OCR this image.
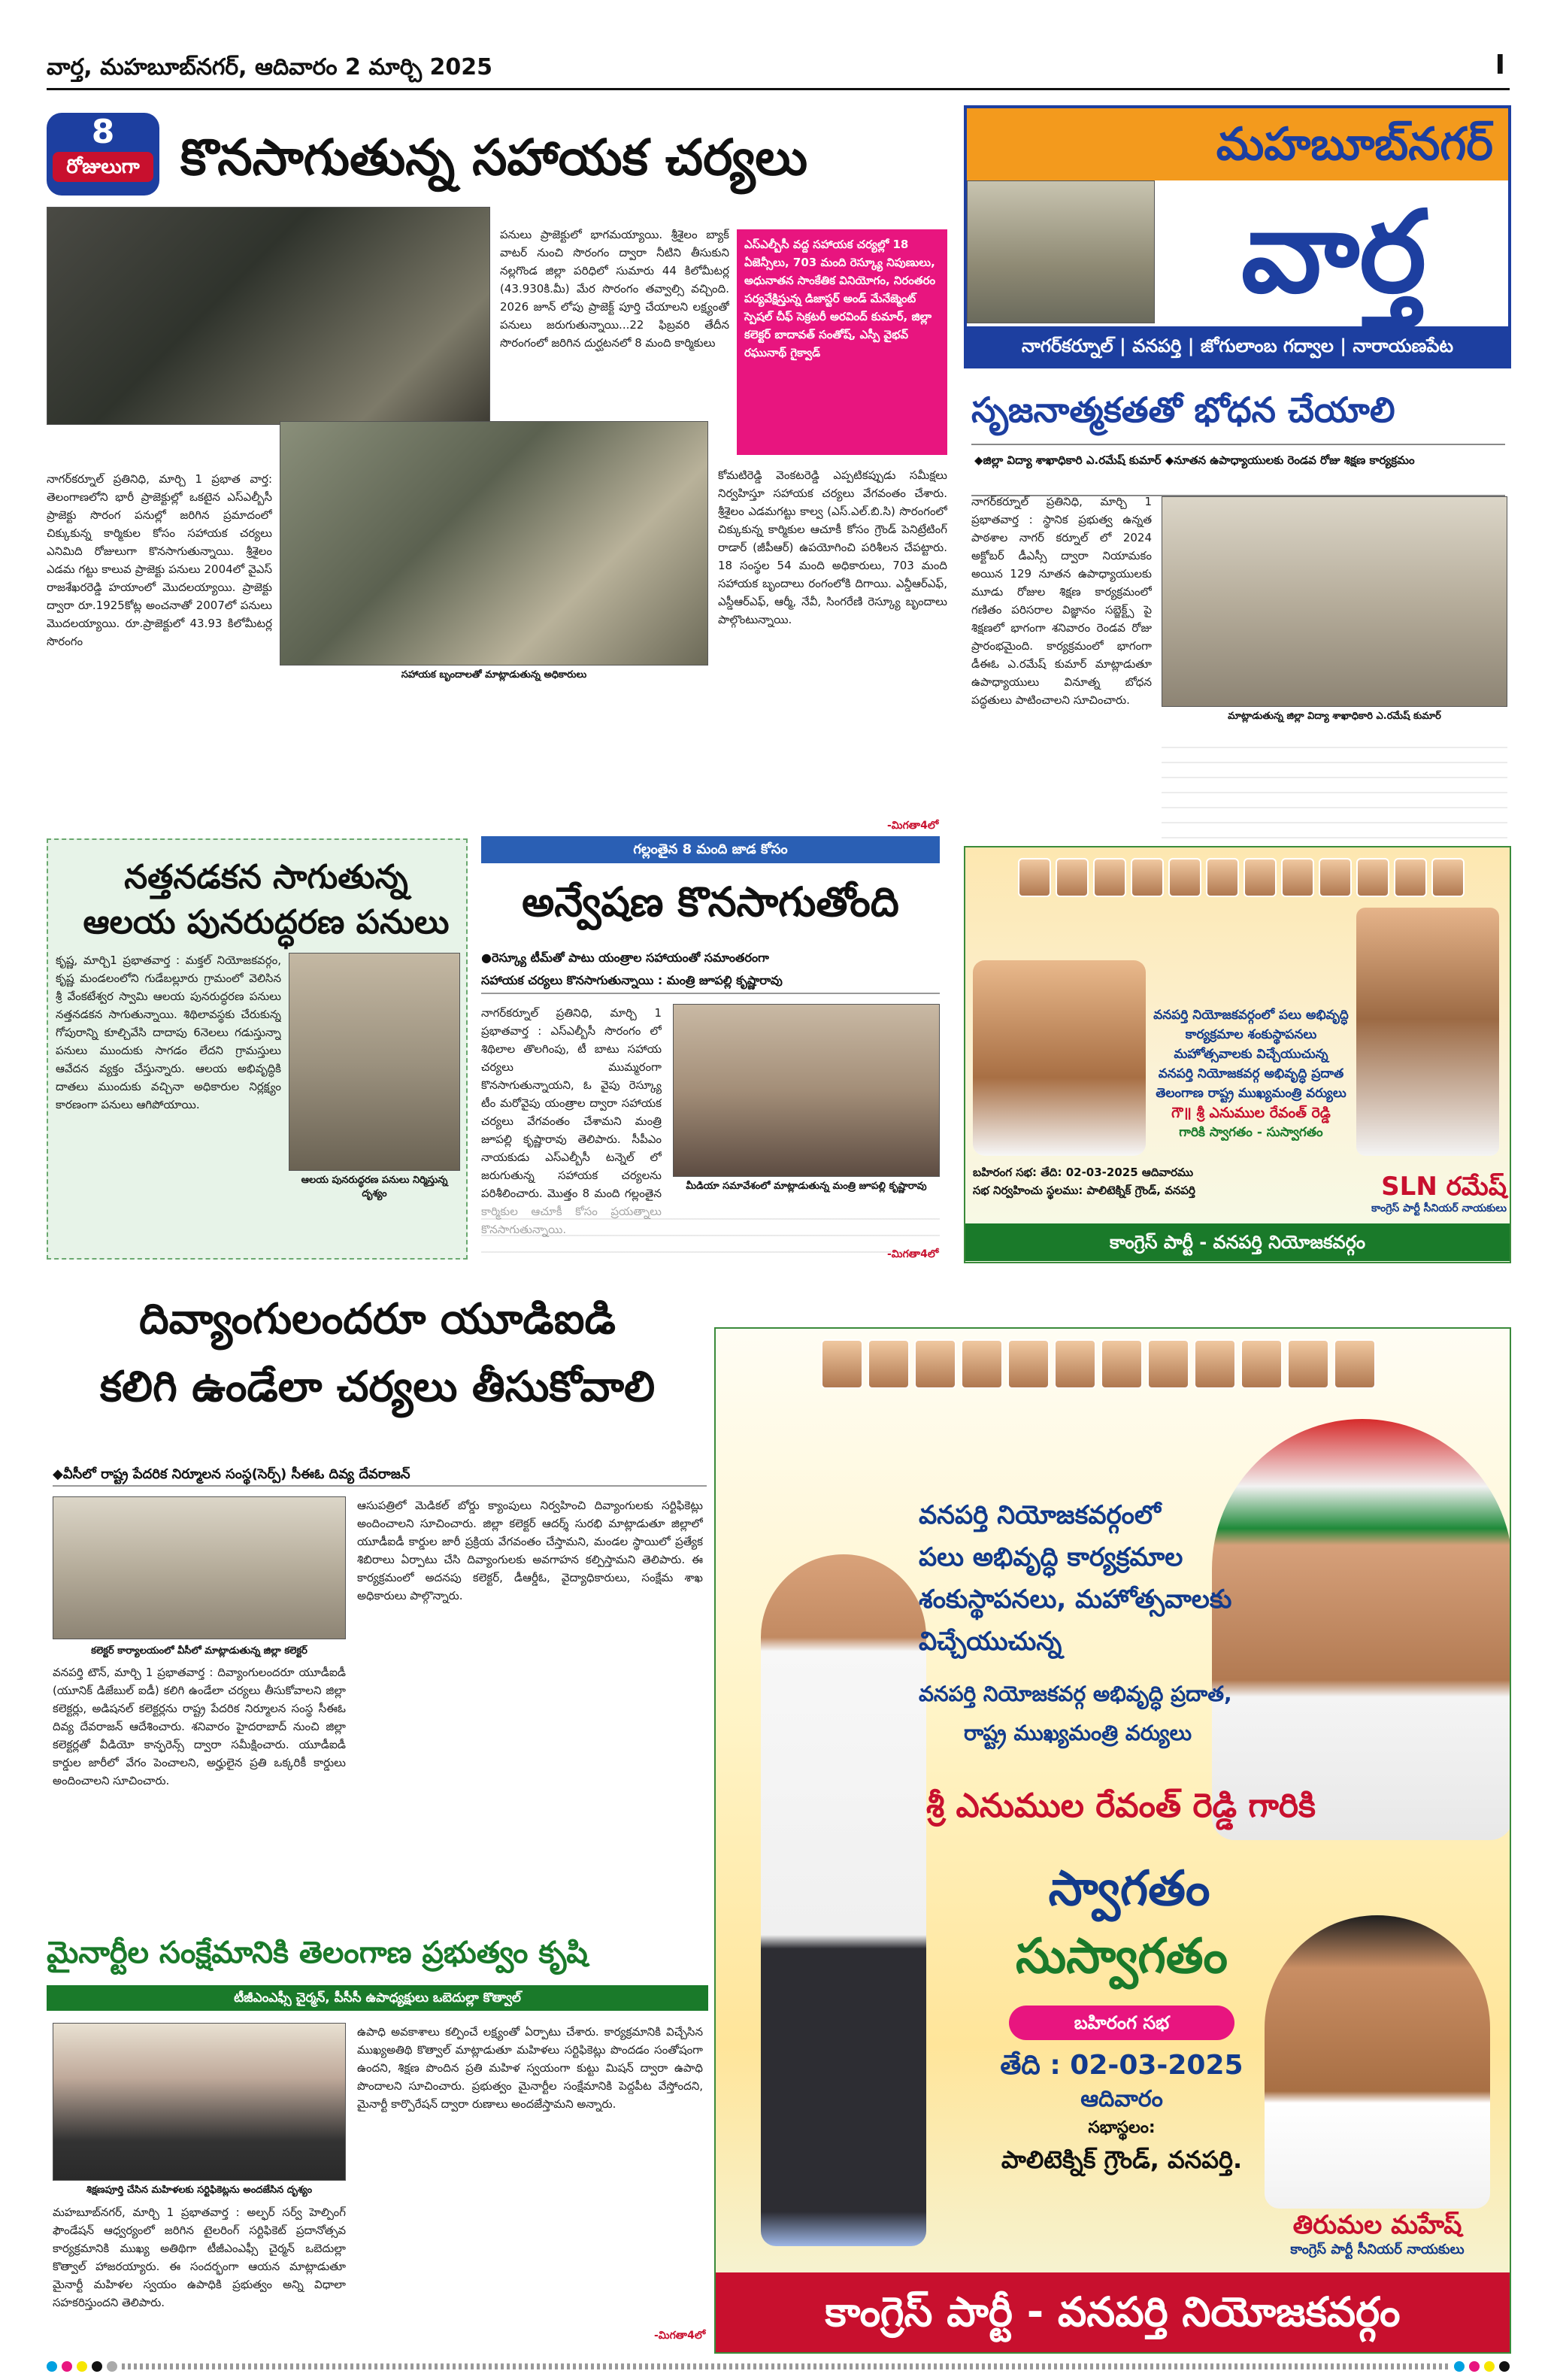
వార్త, మహబూబ్‌నగర్, ఆదివారం 2 మార్చి 2025	I
8
రోజులుగా కొనసాగుతున్న సహాయక చర్యలు
పనులు ప్రాజెక్టులో భాగమయ్యాయి. శ్రీశైలం బ్యాక్ వాటర్ నుంచి సొరంగం ద్వారా నీటిని తీసుకుని నల్లగొండ జిల్లా పరిధిలో సుమారు 44 కిలోమీటర్ల (43.930కి.మీ) మేర సొరంగం తవ్వాల్సి వచ్చింది. 2026 జూన్ లోపు ప్రాజెక్ట్ పూర్తి చేయాలని లక్ష్యంతో పనులు జరుగుతున్నాయి...22 ఫిబ్రవరి తేదీన సొరంగంలో జరిగిన దుర్ఘటనలో 8 మంది కార్మికులు
ఎస్ఎల్బీసీ వద్ద సహాయక చర్యల్లో 18 ఏజెన్సీలు, 703 మంది రెస్క్యూ నిపుణులు, అధునాతన సాంకేతిక వినియోగం, నిరంతరం పర్యవేక్షిస్తున్న డిజాస్టర్ అండ్ మేనేజ్మెంట్ స్పెషల్ చీఫ్ సెక్రటరీ అరవింద్ కుమార్, జిల్లా కలెక్టర్ బాదావత్ సంతోష్, ఎస్పీ వైభవ్ రఘునాథ్ గైక్వాడ్
నాగర్‌కర్నూల్ ప్రతినిధి, మార్చి 1 ప్రభాత వార్త: తెలంగాణలోని భారీ ప్రాజెక్టుల్లో ఒకటైన ఎస్ఎల్బీసీ ప్రాజెక్టు సొరంగ పనుల్లో జరిగిన ప్రమాదంలో చిక్కుకున్న కార్మికుల కోసం సహాయక చర్యలు ఎనిమిది రోజులుగా కొనసాగుతున్నాయి. శ్రీశైలం ఎడమ గట్టు కాలువ ప్రాజెక్టు పనులు 2004లో వైఎస్ రాజశేఖరరెడ్డి హయాంలో మొదలయ్యాయి. ప్రాజెక్టు ద్వారా రూ.1925కోట్ల అంచనాతో 2007లో పనులు మొదలయ్యాయి. రూ.ప్రాజెక్టులో 43.93 కిలోమీటర్ల సొరంగం
సహాయక బృందాలతో మాట్లాడుతున్న అధికారులు
కోమటిరెడ్డి వెంకటరెడ్డి ఎప్పటికప్పుడు సమీక్షలు నిర్వహిస్తూ సహాయక చర్యలు వేగవంతం చేశారు. శ్రీశైలం ఎడమగట్టు కాల్వ (ఎస్.ఎల్.బి.సి) సొరంగంలో చిక్కుకున్న కార్మికుల ఆచూకీ కోసం గ్రౌండ్ పెనిట్రేటింగ్ రాడార్ (జీపీఆర్) ఉపయోగించి పరిశీలన చేపట్టారు. 18 సంస్థల 54 మంది అధికారులు, 703 మంది సహాయక బృందాలు రంగంలోకి దిగాయి. ఎన్డీఆర్ఎఫ్, ఎస్డీఆర్ఎఫ్, ఆర్మీ, నేవీ, సింగరేణి రెస్క్యూ బృందాలు పాల్గొంటున్నాయి.
-మిగతా4లో
మహబూబ్‌నగర్
వార్త
నాగర్‌కర్నూల్ | వనపర్తి | జోగులాంబ గద్వాల | నారాయణపేట
సృజనాత్మకతతో భోధన చేయాలి
◆జిల్లా విద్యా శాఖాధికారి ఎ.రమేష్ కుమార్ ◆నూతన ఉపాధ్యాయులకు రెండవ రోజు శిక్షణ కార్యక్రమం
నాగర్‌కర్నూల్ ప్రతినిధి, మార్చి 1 ప్రభాతవార్త : స్థానిక ప్రభుత్వ ఉన్నత పాఠశాల నాగర్ కర్నూల్ లో 2024 అక్టోబర్ డీఎస్సీ ద్వారా నియామకం అయిన 129 నూతన ఉపాధ్యాయులకు మూడు రోజుల శిక్షణ కార్యక్రమంలో గణితం పరిసరాల విజ్ఞానం సబ్జెక్ట్స్ పై శిక్షణలో భాగంగా శనివారం రెండవ రోజు ప్రారంభమైంది. కార్యక్రమంలో భాగంగా డీఈఓ ఎ.రమేష్ కుమార్ మాట్లాడుతూ ఉపాధ్యాయులు వినూత్న బోధన పద్ధతులు పాటించాలని సూచించారు.
మాట్లాడుతున్న జిల్లా విద్యా శాఖాధికారి ఎ.రమేష్ కుమార్
నత్తనడకన సాగుతున్న
ఆలయ పునరుద్ధరణ పనులు
కృష్ణ, మార్చి1 ప్రభాతవార్త : మక్తల్ నియోజకవర్గం, కృష్ణ మండలంలోని గుడేబల్లూరు గ్రామంలో వెలిసిన శ్రీ వేంకటేశ్వర స్వామి ఆలయ పునరుద్ధరణ పనులు నత్తనడకన సాగుతున్నాయి. శిథిలావస్థకు చేరుకున్న గోపురాన్ని కూల్చివేసి దాదాపు 6నెలలు గడుస్తున్నా పనులు ముందుకు సాగడం లేదని గ్రామస్తులు ఆవేదన వ్యక్తం చేస్తున్నారు. ఆలయ అభివృద్ధికి దాతలు ముందుకు వచ్చినా అధికారుల నిర్లక్ష్యం కారణంగా పనులు ఆగిపోయాయి.
ఆలయ పునరుద్ధరణ పనులు నిర్మిస్తున్న దృశ్యం
గల్లంతైన 8 మంది జాడ కోసం
అన్వేషణ కొనసాగుతోంది
●రెస్క్యూ టీమ్‌తో పాటు యంత్రాల సహాయంతో సమాంతరంగా
సహాయక చర్యలు కొనసాగుతున్నాయి : మంత్రి జూపల్లి కృష్ణారావు
నాగర్‌కర్నూల్ ప్రతినిధి, మార్చి 1 ప్రభాతవార్త : ఎస్ఎల్బీసీ సొరంగం లో శిథిలాల తొలగింపు, టీ బాటు సహాయ చర్యలు ముమ్మరంగా కొనసాగుతున్నాయని, ఓ వైపు రెస్క్యూ టీం మరోవైపు యంత్రాల ద్వారా సహాయక చర్యలు వేగవంతం చేశామని మంత్రి జూపల్లి కృష్ణారావు తెలిపారు. సీపీఎం నాయకుడు ఎస్ఎల్బీసీ టన్నెల్ లో జరుగుతున్న సహాయక చర్యలను పరిశీలించారు. మొత్తం 8 మంది గల్లంతైన
మీడియా సమావేశంలో మాట్లాడుతున్న మంత్రి జూపల్లి కృష్ణారావు
-మిగతా4లో
వనపర్తి నియోజకవర్గంలో పలు అభివృద్ధి
కార్యక్రమాల శంకుస్థాపనలు
మహోత్సవాలకు విచ్చేయుచున్న
వనపర్తి నియోజకవర్గ అభివృద్ధి ప్రదాత
తెలంగాణ రాష్ట్ర ముఖ్యమంత్రి వర్యులు
గౌ॥ శ్రీ ఎనుముల రేవంత్ రెడ్డి
గారికి స్వాగతం - సుస్వాగతం
బహిరంగ సభ: తేది: 02-03-2025 ఆదివారము
సభ నిర్వహించు స్థలము: పాలిటెక్నిక్ గ్రౌండ్, వనపర్తి	SLN రమేష్
కాంగ్రెస్ పార్టీ సీనియర్ నాయకులు
కాంగ్రెస్ పార్టీ - వనపర్తి నియోజకవర్గం
దివ్యాంగులందరూ యూడిఐడి
కలిగి ఉండేలా చర్యలు తీసుకోవాలి
◆వీసీలో రాష్ట్ర పేదరిక నిర్మూలన సంస్థ(సెర్ప్) సీఈఓ దివ్య దేవరాజన్
కలెక్టర్ కార్యాలయంలో వీసీలో మాట్లాడుతున్న జిల్లా కలెక్టర్
వనపర్తి టౌన్, మార్చి 1 ప్రభాతవార్త : దివ్యాంగులందరూ యూడీఐడీ (యూనిక్ డిజేబుల్ ఐడీ) కలిగి ఉండేలా చర్యలు తీసుకోవాలని జిల్లా కలెక్టర్లు, అడిషనల్ కలెక్టర్లను రాష్ట్ర పేదరిక నిర్మూలన సంస్థ సీఈఓ దివ్య దేవరాజన్ ఆదేశించారు. శనివారం హైదరాబాద్ నుంచి జిల్లా కలెక్టర్లతో వీడియో కాన్ఫరెన్స్ ద్వారా సమీక్షించారు. యూడీఐడీ కార్డుల జారీలో వేగం పెంచాలని, అర్హులైన ప్రతి ఒక్కరికీ కార్డులు అందించాలని సూచించారు.
ఆసుపత్రిలో మెడికల్ బోర్డు క్యాంపులు నిర్వహించి దివ్యాంగులకు సర్టిఫికెట్లు అందించాలని సూచించారు. జిల్లా కలెక్టర్ ఆదర్శ్ సురభి మాట్లాడుతూ జిల్లాలో యూడీఐడీ కార్డుల జారీ ప్రక్రియ వేగవంతం చేస్తామని, మండల స్థాయిలో ప్రత్యేక శిబిరాలు ఏర్పాటు చేసి దివ్యాంగులకు అవగాహన కల్పిస్తామని తెలిపారు. ఈ కార్యక్రమంలో అదనపు కలెక్టర్, డీఆర్డీఓ, వైద్యాధికారులు, సంక్షేమ శాఖ అధికారులు పాల్గొన్నారు.
మైనార్టీల సంక్షేమానికి తెలంగాణ ప్రభుత్వం కృషి
టీజీఎంఎఫ్సీ చైర్మన్, పీసీసీ ఉపాధ్యక్షులు ఒబెదుల్లా కొత్వాల్
శిక్షణపూర్తి చేసిన మహిళలకు సర్టిఫికెట్లను అందజేసిన దృశ్యం
మహబూబ్‌నగర్, మార్చి 1 ప్రభాతవార్త : అల్ఫర్ సర్వ్ హెల్పింగ్ ఫౌండేషన్ ఆధ్వర్యంలో జరిగిన టైలరింగ్ సర్టిఫికెట్ ప్రదానోత్సవ కార్యక్రమానికి ముఖ్య అతిథిగా టీజీఎంఎఫ్సీ చైర్మన్ ఒబెదుల్లా కొత్వాల్ హాజరయ్యారు. ఈ సందర్భంగా ఆయన మాట్లాడుతూ మైనార్టీ మహిళల స్వయం ఉపాధికి ప్రభుత్వం అన్ని విధాలా సహకరిస్తుందని తెలిపారు.
ఉపాధి అవకాశాలు కల్పించే లక్ష్యంతో ఏర్పాటు చేశారు. కార్యక్రమానికి విచ్చేసిన ముఖ్యఅతిథి కొత్వాల్ మాట్లాడుతూ మహిళలు సర్టిఫికెట్లు పొందడం సంతోషంగా ఉందని, శిక్షణ పొందిన ప్రతి మహిళ స్వయంగా కుట్టు మిషన్ ద్వారా ఉపాధి పొందాలని సూచించారు. ప్రభుత్వం మైనార్టీల సంక్షేమానికి పెద్దపీట వేస్తోందని, మైనార్టీ కార్పొరేషన్ ద్వారా రుణాలు అందజేస్తామని అన్నారు.
-మిగతా4లో
వనపర్తి నియోజకవర్గంలో
పలు అభివృద్ధి కార్యక్రమాల
శంకుస్థాపనలు, మహోత్సవాలకు
విచ్చేయుచున్న
వనపర్తి నియోజకవర్గ అభివృద్ధి ప్రదాత,
రాష్ట్ర ముఖ్యమంత్రి వర్యులు
శ్రీ ఎనుముల రేవంత్ రెడ్డి గారికి
స్వాగతం
సుస్వాగతం
బహిరంగ సభ
తేది : 02-03-2025
ఆదివారం
సభాస్థలం:
పాలిటెక్నిక్ గ్రౌండ్, వనపర్తి.
తిరుమల మహేష్
కాంగ్రెస్ పార్టీ సీనియర్ నాయకులు
కాంగ్రెస్ పార్టీ - వనపర్తి నియోజకవర్గం
